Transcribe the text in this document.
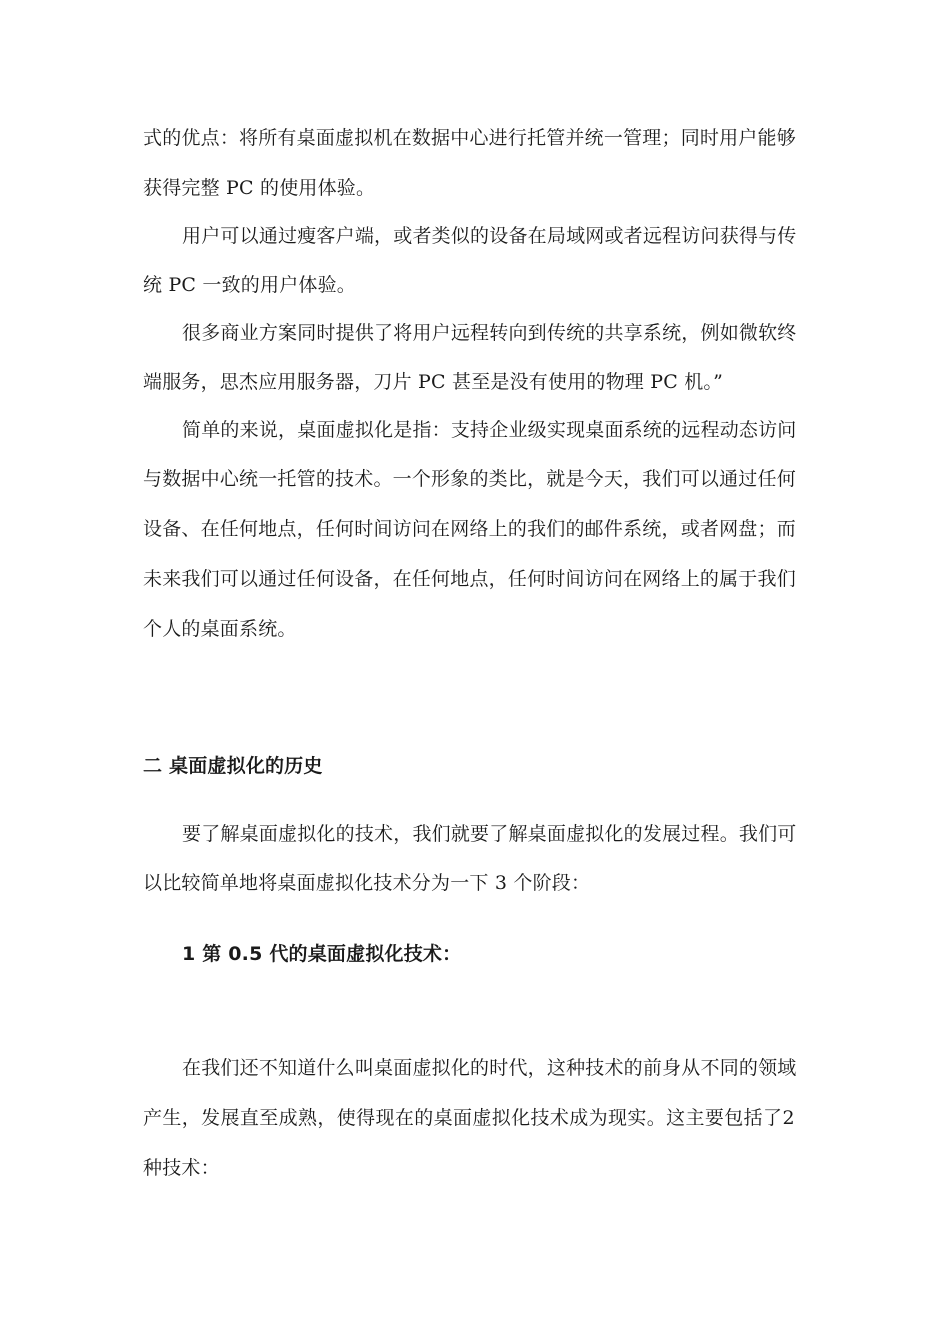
式 的 优 点 ： 将 所 有 桌 面 虚 拟 机 在 数 据 中 心 进 行 托 管 并 统 一 管 理 ； 同 时 用 户 能 够
获得完整 PC 的使用体验。
用 户 可 以 通 过 瘦 客 户 端 ， 或 者 类 似 的 设 备 在 局 域 网 或 者 远 程 访 问 获 得 与 传
统 PC 一致的用户体验。
很 多 商 业 方 案 同 时 提 供 了 将 用 户 远 程 转 向 到 传 统 的 共 享 系 统 ， 例 如 微 软 终
端服务，思杰应用服务器，刀片 PC 甚至是没有使用的物理 PC 机。”
简 单 的 来 说 ， 桌 面 虚 拟 化 是 指 ： 支 持 企 业 级 实 现 桌 面 系 统 的 远 程 动 态 访 问
与 数 据 中 心 统 一 托 管 的 技 术 。 一 个 形 象 的 类 比 ， 就 是 今 天 ， 我 们 可 以 通 过 任 何
设 备 、 在 任 何 地 点 ， 任 何 时 间 访 问 在 网 络 上 的 我 们 的 邮 件 系 统 ， 或 者 网 盘 ； 而
未 来 我 们 可 以 通 过 任 何 设 备 ， 在 任 何 地 点 ， 任 何 时 间 访 问 在 网 络 上 的 属 于 我 们
个人的桌面系统。
二 桌面虚拟化的历史
要 了 解 桌 面 虚 拟 化 的 技 术 ， 我 们 就 要 了 解 桌 面 虚 拟 化 的 发 展 过 程 。 我 们 可
以比较简单地将桌面虚拟化技术分为一下 3 个阶段：
1 第 0.5 代的桌面虚拟化技术：
在 我 们 还 不 知 道 什 么 叫 桌 面 虚 拟 化 的 时 代 ， 这 种 技 术 的 前 身 从 不 同 的 领 域
产 生 ， 发 展 直 至 成 熟 ， 使 得 现 在 的 桌 面 虚 拟 化 技 术 成 为 现 实 。 这 主 要 包 括 了 2
种技术：
